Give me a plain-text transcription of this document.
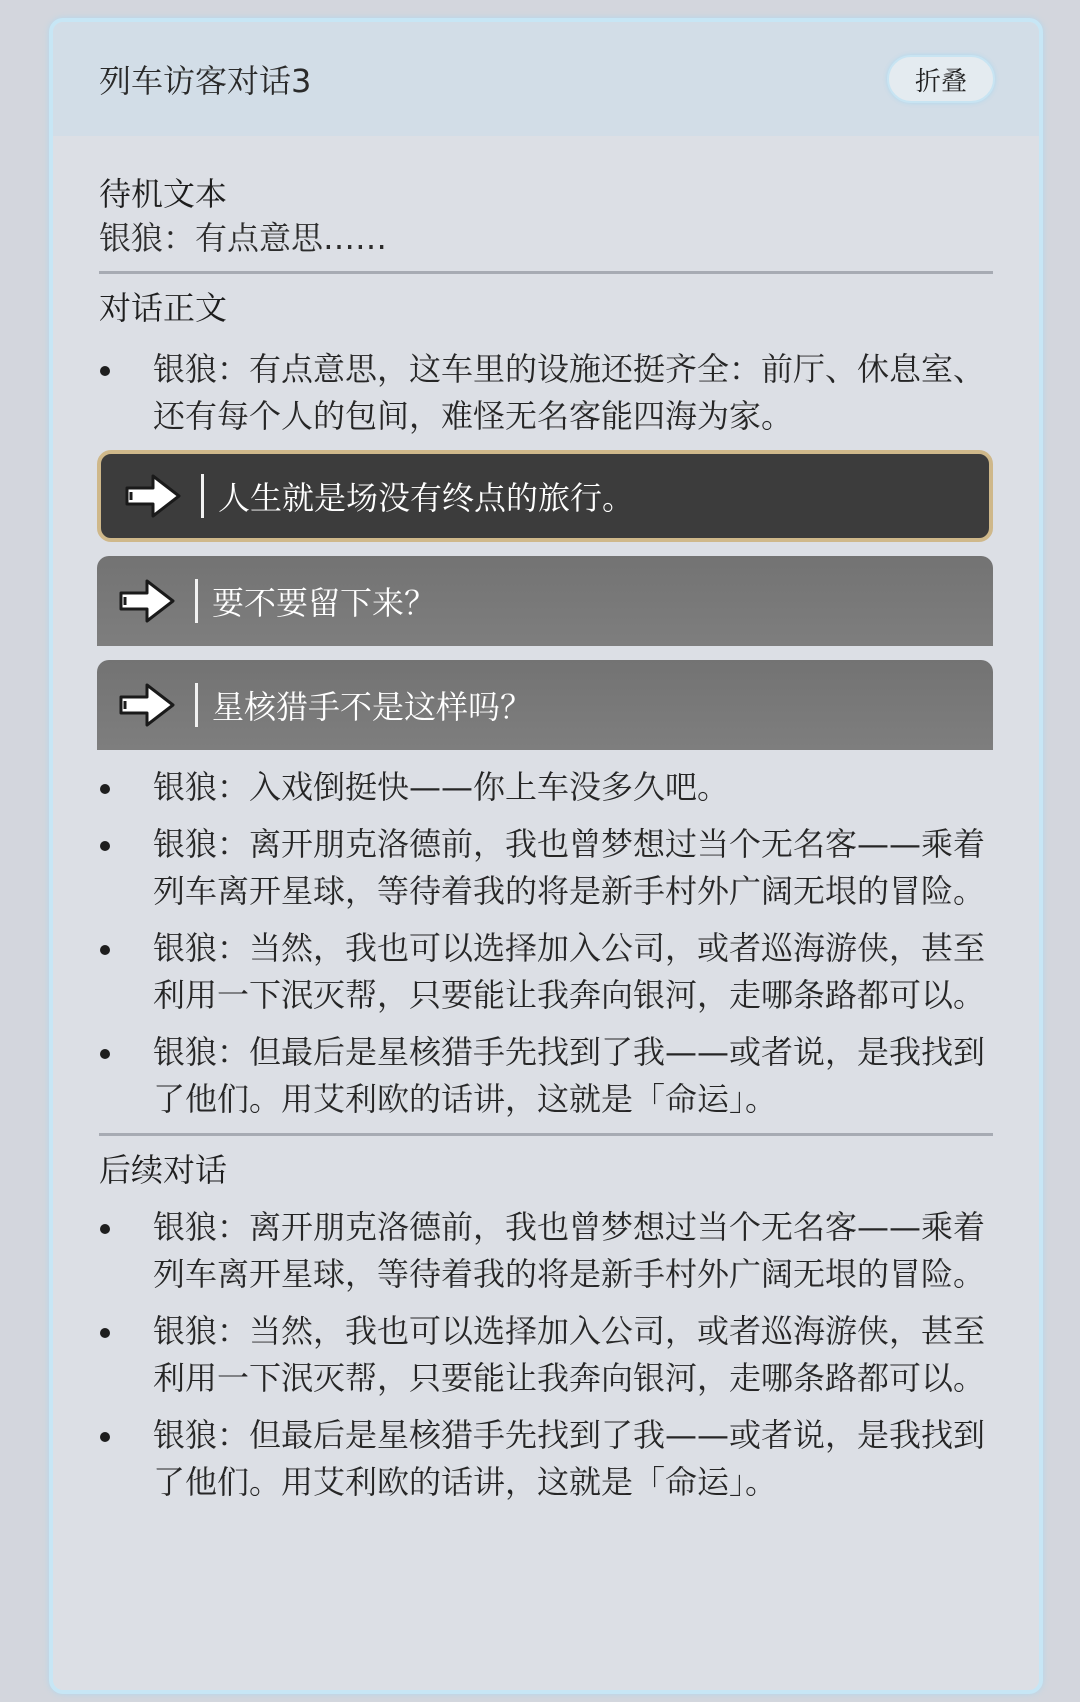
列车访客对话3	折叠
待机文本
银狼：有点意思……
对话正文
银狼：有点意思，这车里的设施还挺齐全：前厅、休息室、还有每个人的包间，难怪无名客能四海为家。
人生就是场没有终点的旅行。
要不要留下来？
星核猎手不是这样吗？
银狼：入戏倒挺快——你上车没多久吧。
银狼：离开朋克洛德前，我也曾梦想过当个无名客——乘着列车离开星球，等待着我的将是新手村外广阔无垠的冒险。
银狼：当然，我也可以选择加入公司，或者巡海游侠，甚至利用一下泯灭帮，只要能让我奔向银河，走哪条路都可以。
银狼：但最后是星核猎手先找到了我——或者说，是我找到了他们。用艾利欧的话讲，这就是「命运」。
后续对话
银狼：离开朋克洛德前，我也曾梦想过当个无名客——乘着列车离开星球，等待着我的将是新手村外广阔无垠的冒险。
银狼：当然，我也可以选择加入公司，或者巡海游侠，甚至利用一下泯灭帮，只要能让我奔向银河，走哪条路都可以。
银狼：但最后是星核猎手先找到了我——或者说，是我找到了他们。用艾利欧的话讲，这就是「命运」。
